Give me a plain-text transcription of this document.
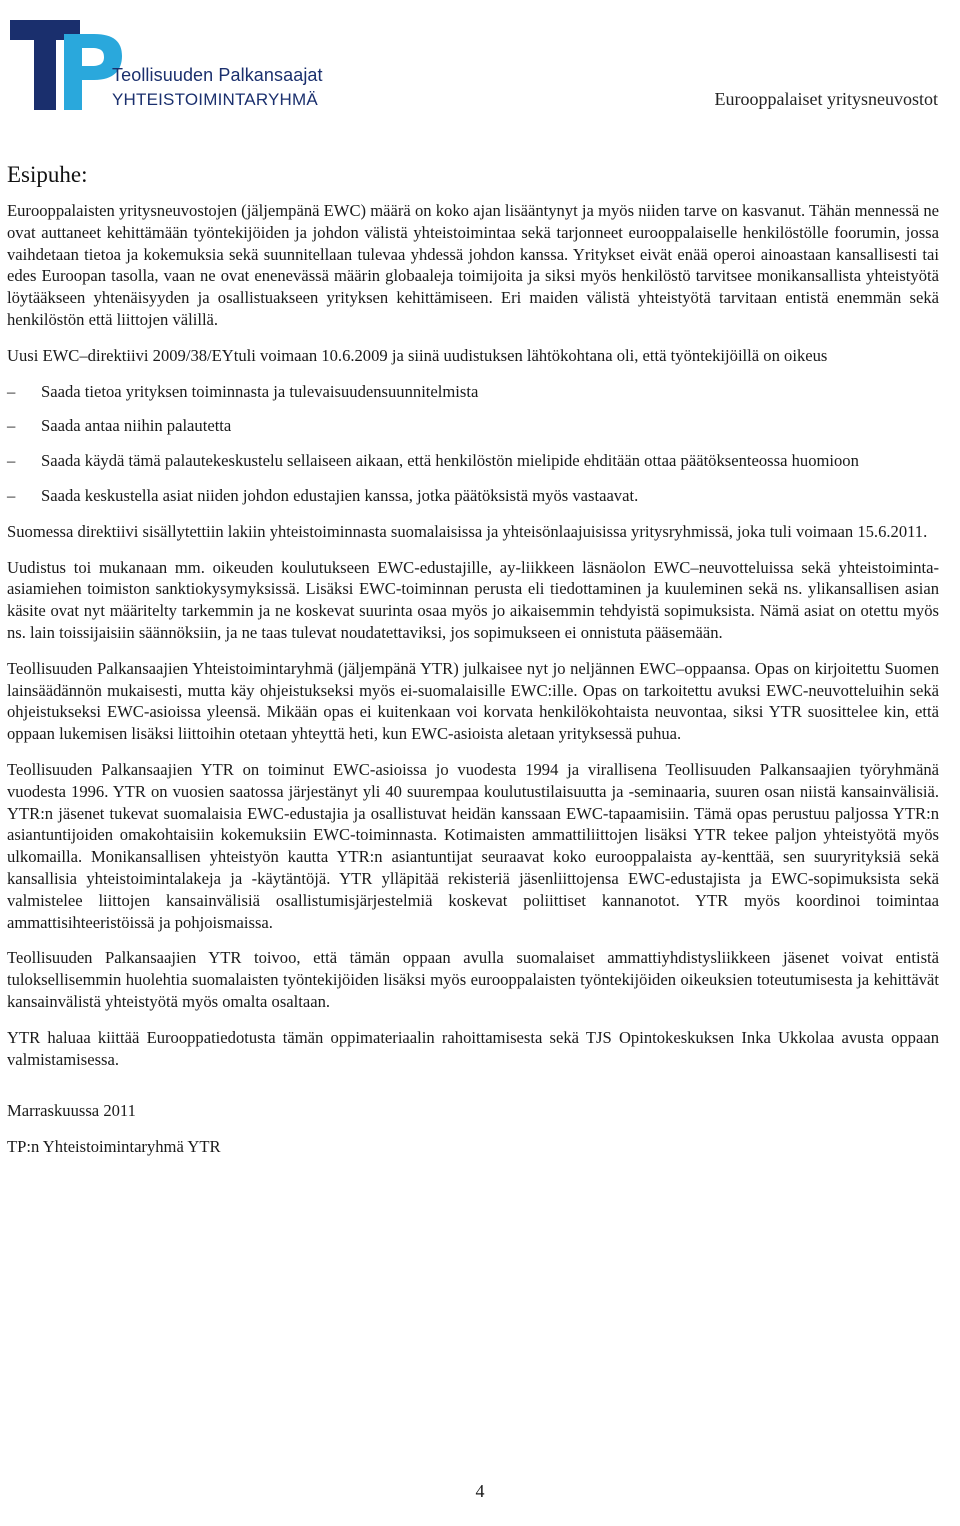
Teollisuuden Palkansaajat
YHTEISTOIMINTARYHMÄ	Eurooppalaiset yritysneuvostot
Esipuhe:

Eurooppalaisten yritysneuvostojen (jäljempänä EWC) määrä on koko ajan lisääntynyt ja myös niiden tarve on kasvanut. Tähän mennessä ne ovat auttaneet kehittämään työntekijöiden ja johdon välistä yhteistoimintaa sekä tarjonneet eurooppalaiselle henkilöstölle foorumin, jossa vaihdetaan tietoa ja kokemuksia sekä suunnitellaan tulevaa yhdessä johdon kanssa. Yritykset eivät enää operoi ainoastaan kansallisesti tai edes Euroopan tasolla, vaan ne ovat enenevässä määrin globaaleja toimijoita ja siksi myös henkilöstö tarvitsee monikansallista yhteistyötä löytääkseen yhtenäisyyden ja osallistuakseen yrityksen kehittämiseen. Eri maiden välistä yhteistyötä tarvitaan entistä enemmän sekä henkilöstön että liittojen välillä.

Uusi EWC–direktiivi 2009/38/EYtuli voimaan 10.6.2009 ja siinä uudistuksen lähtökohtana oli, että työntekijöillä on oikeus

– Saada tietoa yrityksen toiminnasta ja tulevaisuudensuunnitelmista
– Saada antaa niihin palautetta
– Saada käydä tämä palautekeskustelu sellaiseen aikaan, että henkilöstön mielipide ehditään ottaa päätöksenteossa huomioon
– Saada keskustella asiat niiden johdon edustajien kanssa, jotka päätöksistä myös vastaavat.

Suomessa direktiivi sisällytettiin lakiin yhteistoiminnasta suomalaisissa ja yhteisönlaajuisissa yritysryhmissä, joka tuli voimaan 15.6.2011.

Uudistus toi mukanaan mm. oikeuden koulutukseen EWC-edustajille, ay-liikkeen läsnäolon EWC–neuvotteluissa sekä yhteistoiminta-asiamiehen toimiston sanktiokysymyksissä. Lisäksi EWC-toiminnan perusta eli tiedottaminen ja kuuleminen sekä ns. ylikansallisen asian käsite ovat nyt määritelty tarkemmin ja ne koskevat suurinta osaa myös jo aikaisemmin tehdyistä sopimuksista. Nämä asiat on otettu myös ns. lain toissijaisiin säännöksiin, ja ne taas tulevat noudatettaviksi, jos sopimukseen ei onnistuta pääsemään.

Teollisuuden Palkansaajien Yhteistoimintaryhmä (jäljempänä YTR) julkaisee nyt jo neljännen EWC–oppaansa. Opas on kirjoitettu Suomen lainsäädännön mukaisesti, mutta käy ohjeistukseksi myös ei-suomalaisille EWC:ille. Opas on tarkoitettu avuksi EWC-neuvotteluihin sekä ohjeistukseksi EWC-asioissa yleensä. Mikään opas ei kuitenkaan voi korvata henkilökohtaista neuvontaa, siksi YTR suosittelee kin, että oppaan lukemisen lisäksi liittoihin otetaan yhteyttä heti, kun EWC-asioista aletaan yrityksessä puhua.

Teollisuuden Palkansaajien YTR on toiminut EWC-asioissa jo vuodesta 1994 ja virallisena Teollisuuden Palkansaajien työryhmänä vuodesta 1996. YTR on vuosien saatossa järjestänyt yli 40 suurempaa koulutustilaisuutta ja -seminaaria, suuren osan niistä kansainvälisiä. YTR:n jäsenet tukevat suomalaisia EWC-edustajia ja osallistuvat heidän kanssaan EWC-tapaamisiin. Tämä opas perustuu paljossa YTR:n asiantuntijoiden omakohtaisiin kokemuksiin EWC-toiminnasta. Kotimaisten ammattiliittojen lisäksi YTR tekee paljon yhteistyötä myös ulkomailla. Monikansallisen yhteistyön kautta YTR:n asiantuntijat seuraavat koko eurooppalaista ay-kenttää, sen suuryrityksiä sekä kansallisia yhteistoimintalakeja ja -käytäntöjä. YTR ylläpitää rekisteriä jäsenliittojensa EWC-edustajista ja EWC-sopimuksista sekä valmistelee liittojen kansainvälisiä osallistumisjärjestelmiä koskevat poliittiset kannanotot. YTR myös koordinoi toimintaa ammattisihteeristöissä ja pohjoismaissa.

Teollisuuden Palkansaajien YTR toivoo, että tämän oppaan avulla suomalaiset ammattiyhdistysliikkeen jäsenet voivat entistä tuloksellisemmin huolehtia suomalaisten työntekijöiden lisäksi myös eurooppalaisten työntekijöiden oikeuksien toteutumisesta ja kehittävät kansainvälistä yhteistyötä myös omalta osaltaan.

YTR haluaa kiittää Eurooppatiedotusta tämän oppimateriaalin rahoittamisesta sekä TJS Opintokeskuksen Inka Ukkolaa avusta oppaan valmistamisessa.

Marraskuussa 2011

TP:n Yhteistoimintaryhmä YTR

4
